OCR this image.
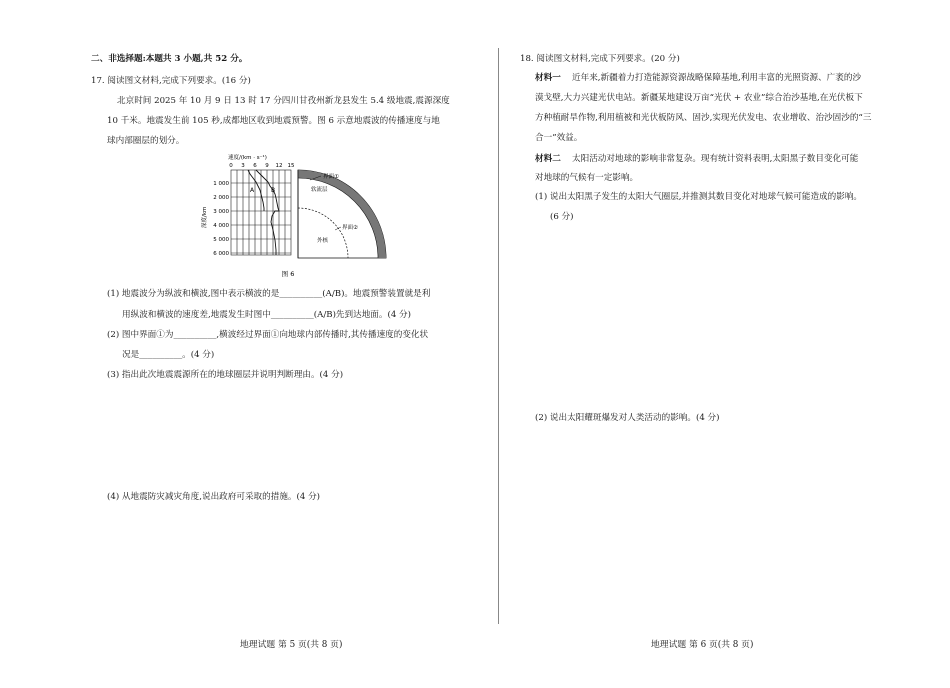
二、非选择题:本题共 3 小题,共 52 分。
17. 阅读图文材料,完成下列要求。(16 分)
北京时间 2025 年 10 月 9 日 13 时 17 分四川甘孜州新龙县发生 5.4 级地震,震源深度
10 千米。地震发生前 105 秒,成都地区收到地震预警。图 6 示意地震波的传播速度与地
球内部圈层的划分。
速度/(km · s⁻¹)
0 3 6 9 12 15
1 000
2 000
3 000
4 000
5 000
6 000
深度/km
A	B
界面①
软流层
界面②
外核
图 6
(1) 地震波分为纵波和横波,图中表示横波的是__________(A/B)。地震预警装置就是利
用纵波和横波的速度差,地震发生时图中__________(A/B)先到达地面。(4 分)
(2) 图中界面①为__________,横波经过界面①向地球内部传播时,其传播速度的变化状
况是__________。(4 分)
(3) 指出此次地震震源所在的地球圈层并说明判断理由。(4 分)
(4) 从地震防灾减灾角度,说出政府可采取的措施。(4 分)
地理试题 第 5 页(共 8 页)
18. 阅读图文材料,完成下列要求。(20 分)
材料一 近年来,新疆着力打造能源资源战略保障基地,利用丰富的光照资源、广袤的沙
漠戈壁,大力兴建光伏电站。新疆某地建设万亩“光伏 + 农业”综合治沙基地,在光伏板下
方种植耐旱作物,利用植被和光伏板防风、固沙,实现光伏发电、农业增收、治沙固沙的“三
合一”效益。
材料二 太阳活动对地球的影响非常复杂。现有统计资料表明,太阳黑子数目变化可能
对地球的气候有一定影响。
(1) 说出太阳黑子发生的太阳大气圈层,并推测其数目变化对地球气候可能造成的影响。
(6 分)
(2) 说出太阳耀斑爆发对人类活动的影响。(4 分)
地理试题 第 6 页(共 8 页)
